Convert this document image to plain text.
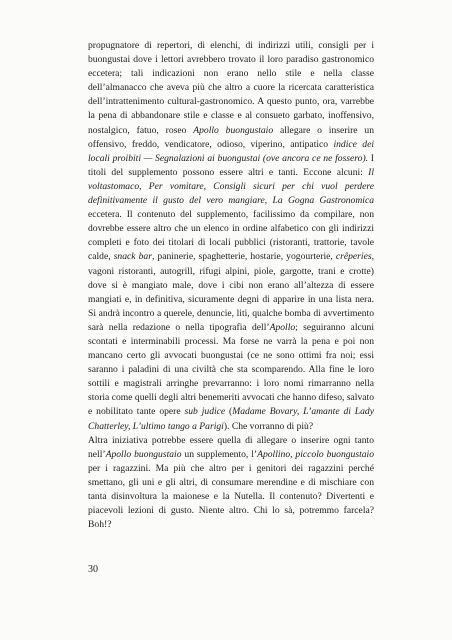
propugnatore di repertori, di elenchi, di indirizzi utili, consigli per i buongustai dove i lettori avrebbero trovato il loro paradiso gastronomico eccetera; tali indicazioni non erano nello stile e nella classe dell’almanacco che aveva più che altro a cuore la ricercata caratteristica dell’intrattenimento cultural-gastronomico. A questo punto, ora, varrebbe la pena di abbandonare stile e classe e al consueto garbato, inoffensivo, nostalgico, fatuo, roseo Apollo buongustaio allegare o inserire un offensivo, freddo, vendicatore, odioso, viperino, antipatico indice dei locali proibiti — Segnalazioni ai buongustai (ove ancora ce ne fossero). I titoli del supplemento possono essere altri e tanti. Eccone alcuni: Il voltastomaco, Per vomitare, Consigli sicuri per chi vuol perdere definitivamente il gusto del vero mangiare, La Gogna Gastronomica eccetera. Il contenuto del supplemento, facilissimo da compilare, non dovrebbe essere altro che un elenco in ordine alfabetico con gli indirizzi completi e foto dei titolari di locali pubblici (ristoranti, trattorie, tavole calde, snack bar, paninerie, spaghetterie, hostarie, yogourterie, crêperies, vagoni ristoranti, autogrill, rifugi alpini, piole, gargotte, trani e crotte) dove si è mangiato male, dove i cibi non erano all’altezza di essere mangiati e, in definitiva, sicuramente degni di apparire in una lista nera. Si andrà incontro a querele, denuncie, liti, qualche bomba di avvertimento sarà nella redazione o nella tipografia dell’Apollo; seguiranno alcuni scontati e interminabili processi. Ma forse ne varrà la pena e poi non mancano certo gli avvocati buongustai (ce ne sono ottimi fra noi; essi saranno i paladini di una civiltà che sta scomparendo. Alla fine le loro sottili e magistrali arringhe prevarranno: i loro nomi rimarranno nella storia come quelli degli altri benemeriti avvocati che hanno difeso, salvato e nobilitato tante opere sub judice (Madame Bovary, L’amante di Lady Chatterley, L’ultimo tango a Parigi). Che vorranno di più?

Altra iniziativa potrebbe essere quella di allegare o inserire ogni tanto nell’Apollo buongustaio un supplemento, l’Apollino, piccolo buongustaio per i ragazzini. Ma più che altro per i genitori dei ragazzini perché smettano, gli uni e gli altri, di consumare merendine e di mischiare con tanta disinvoltura la maionese e la Nutella. Il contenuto? Divertenti e piacevoli lezioni di gusto. Niente altro. Chi lo sà, potremmo farcela? Boh!?

30
